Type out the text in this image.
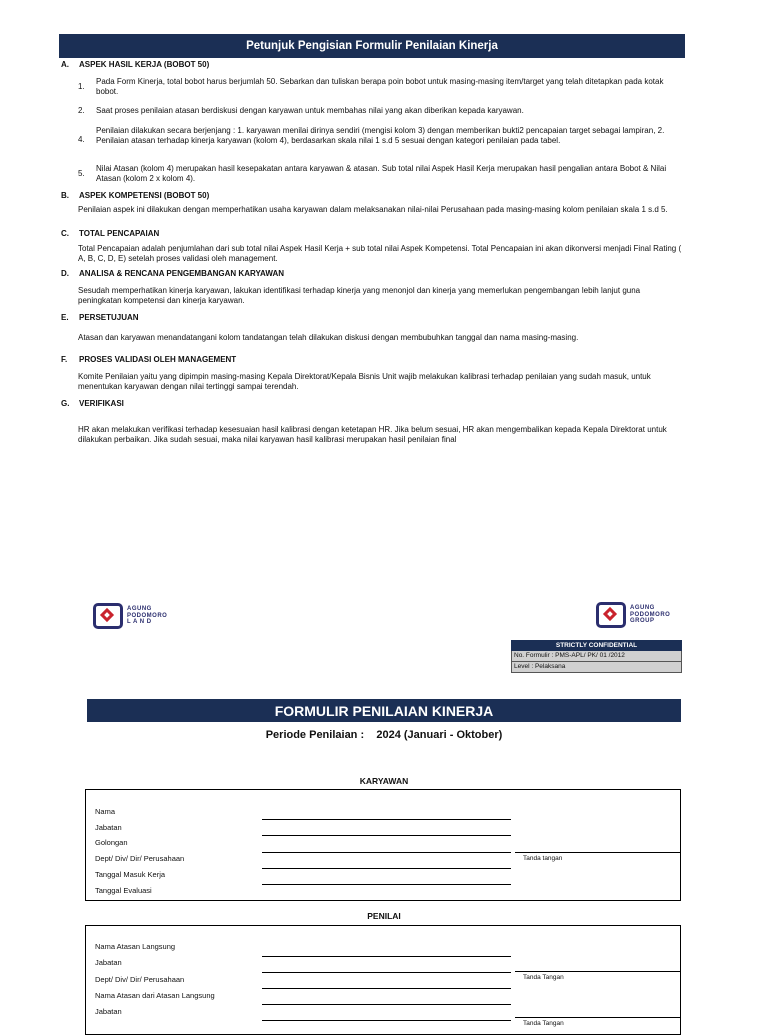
Petunjuk Pengisian Formulir Penilaian Kinerja
A. ASPEK HASIL KERJA (BOBOT 50)
1.
Pada Form Kinerja, total bobot harus berjumlah 50. Sebarkan dan tuliskan berapa poin bobot untuk masing-masing item/target yang telah ditetapkan pada kotak bobot.
2. Saat proses penilaian atasan berdiskusi dengan karyawan untuk membahas nilai yang akan diberikan kepada karyawan.
4.
Penilaian dilakukan secara berjenjang : 1. karyawan menilai dirinya sendiri (mengisi kolom 3) dengan memberikan bukti2 pencapaian target sebagai lampiran, 2. Penilaian atasan terhadap kinerja karyawan (kolom 4), berdasarkan skala nilai 1 s.d 5 sesuai dengan kategori penilaian pada tabel.
5.
Nilai Atasan (kolom 4) merupakan hasil kesepakatan antara karyawan & atasan. Sub total nilai Aspek Hasil Kerja merupakan hasil pengalian antara Bobot & Nilai Atasan (kolom 2 x kolom 4).
B. ASPEK KOMPETENSI (BOBOT 50)
Penilaian aspek ini dilakukan dengan memperhatikan usaha karyawan dalam melaksanakan nilai-nilai Perusahaan pada masing-masing kolom penilaian skala 1 s.d 5.
C. TOTAL PENCAPAIAN
Total Pencapaian adalah penjumlahan dari sub total nilai Aspek Hasil Kerja + sub total nilai Aspek Kompetensi. Total Pencapaian ini akan dikonversi menjadi Final Rating ( A, B, C, D, E) setelah proses validasi oleh management.
D. ANALISA & RENCANA PENGEMBANGAN KARYAWAN
Sesudah memperhatikan kinerja karyawan, lakukan identifikasi terhadap kinerja yang menonjol dan kinerja yang memerlukan pengembangan lebih lanjut guna peningkatan kompetensi dan kinerja karyawan.
E. PERSETUJUAN
Atasan dan karyawan menandatangani kolom tandatangan telah dilakukan diskusi dengan membubuhkan tanggal dan nama masing-masing.
F. PROSES VALIDASI OLEH MANAGEMENT
Komite Penilaian yaitu yang dipimpin masing-masing Kepala Direktorat/Kepala Bisnis Unit wajib melakukan kalibrasi terhadap penilaian yang sudah masuk, untuk menentukan karyawan dengan nilai tertinggi sampai terendah.
G. VERIFIKASI
HR akan melakukan verifikasi terhadap kesesuaian hasil kalibrasi dengan ketetapan HR. Jika belum sesuai, HR akan mengembalikan kepada Kepala Direktorat untuk dilakukan perbaikan. Jika sudah sesuai, maka nilai karyawan hasil kalibrasi merupakan hasil penilaian final
AGUNG
PODOMORO
L A N D
AGUNG
PODOMORO
GROUP
STRICTLY CONFIDENTIAL
No. Formulir : PMS-APL/ PK/ 01 /2012
Level : Pelaksana
FORMULIR PENILAIAN KINERJA
Periode Penilaian : 2024 (Januari - Oktober)
KARYAWAN
Nama
Jabatan
Golongan
Dept/ Div/ Dir/ Perusahaan
Tanggal Masuk Kerja
Tanggal Evaluasi
Tanda tangan
PENILAI
Nama Atasan Langsung
Jabatan
Dept/ Div/ Dir/ Perusahaan
Nama Atasan dari Atasan Langsung
Jabatan
Tanda Tangan
Tanda Tangan
